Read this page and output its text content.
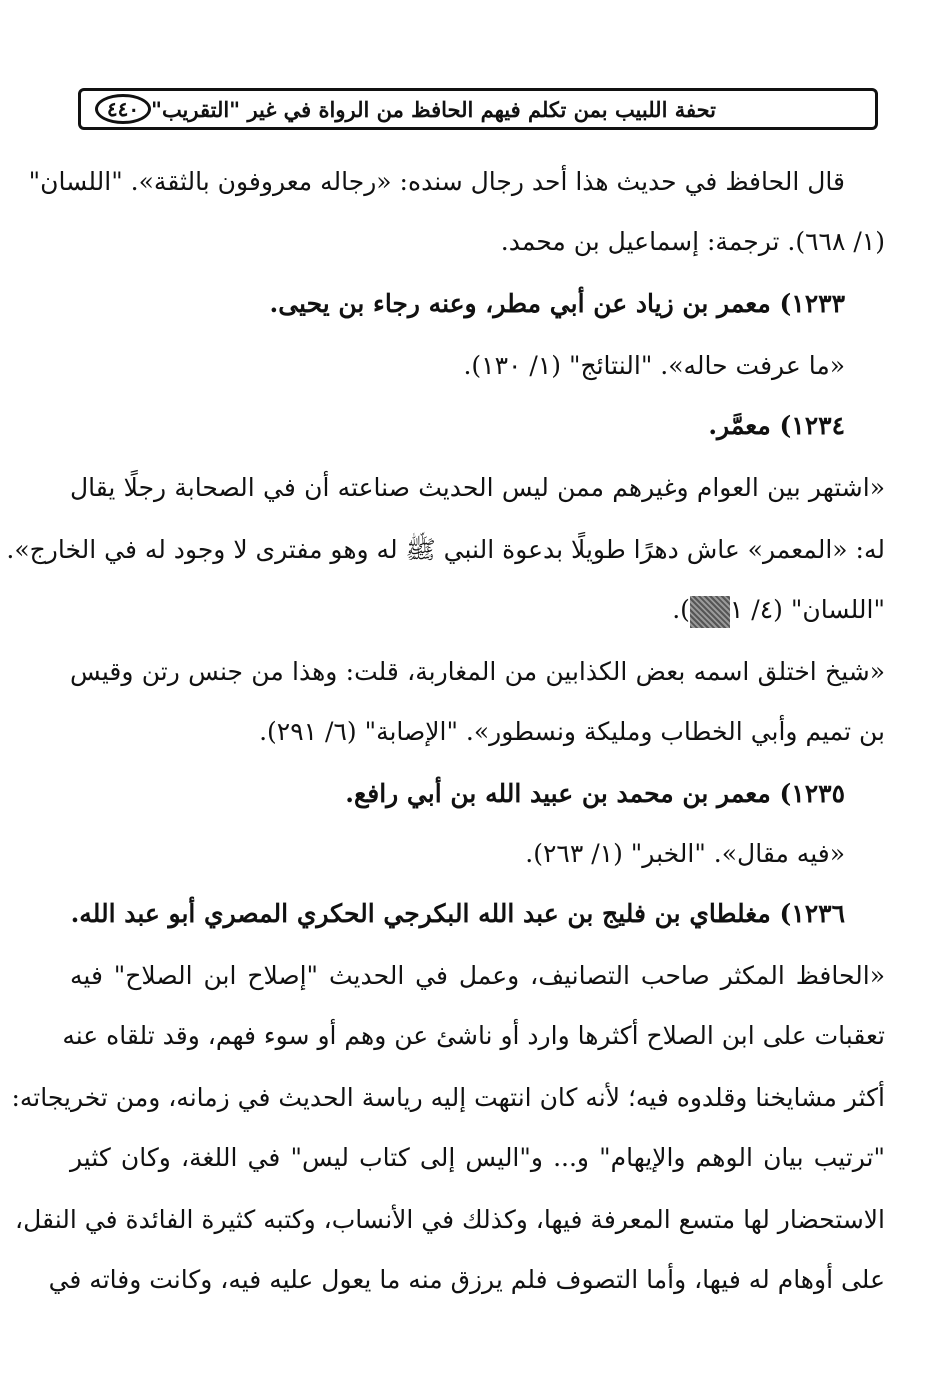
٤٤٠ تحفة اللبيب بمن تكلم فيهم الحافظ من الرواة في غير "التقريب"
قال الحافظ في حديث هذا أحد رجال سنده: «رجاله معروفون بالثقة». "اللسان"
(١/ ٦٦٨). ترجمة: إسماعيل بن محمد.
١٢٣٣) معمر بن زياد عن أبي مطر، وعنه رجاء بن يحيى.
«ما عرفت حاله». "النتائج" (١/ ١٣٠).
١٢٣٤) معمَّر.
«اشتهر بين العوام وغيرهم ممن ليس الحديث صناعته أن في الصحابة رجلًا يقال
له: «المعمر» عاش دهرًا طويلًا بدعوة النبي ﷺ له وهو مفترى لا وجود له في الخارج».
"اللسان" (٤/ ١).
«شيخ اختلق اسمه بعض الكذابين من المغاربة، قلت: وهذا من جنس رتن وقيس
بن تميم وأبي الخطاب ومليكة ونسطور». "الإصابة" (٦/ ٢٩١).
١٢٣٥) معمر بن محمد بن عبيد الله بن أبي رافع.
«فيه مقال». "الخبر" (١/ ٢٦٣).
١٢٣٦) مغلطاي بن فليج بن عبد الله البكرجي الحكري المصري أبو عبد الله.
«الحافظ المكثر صاحب التصانيف، وعمل في الحديث "إصلاح ابن الصلاح" فيه
تعقبات على ابن الصلاح أكثرها وارد أو ناشئ عن وهم أو سوء فهم، وقد تلقاه عنه
أكثر مشايخنا وقلدوه فيه؛ لأنه كان انتهت إليه رياسة الحديث في زمانه، ومن تخريجاته:
"ترتيب بيان الوهم والإيهام" و... و"اليس إلى كتاب ليس" في اللغة، وكان كثير
الاستحضار لها متسع المعرفة فيها، وكذلك في الأنساب، وكتبه كثيرة الفائدة في النقل،
على أوهام له فيها، وأما التصوف فلم يرزق منه ما يعول عليه فيه، وكانت وفاته في
